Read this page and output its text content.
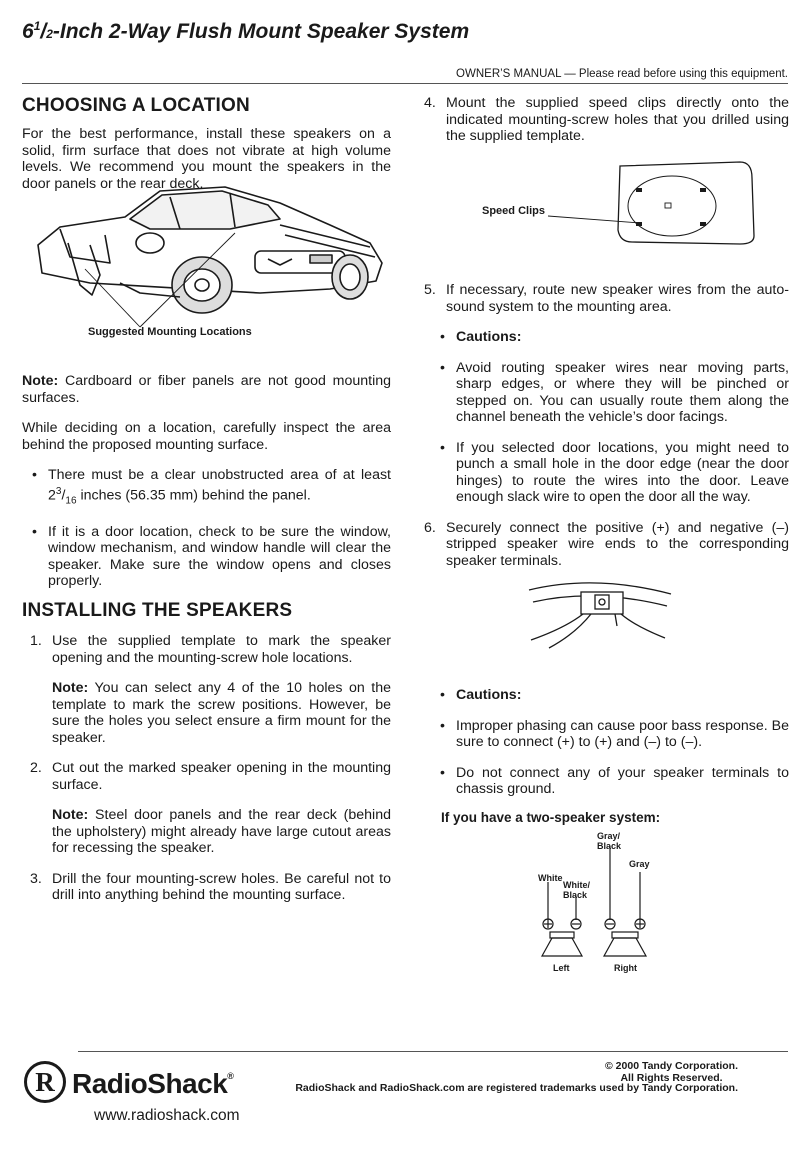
$6^1/2$-Inch 2-Way Flush Mount Speaker System
OWNER’S MANUAL — Please read before using this equipment.
CHOOSING A LOCATION

For the best performance, install these speakers on a solid, firm surface that does not vibrate at high volume levels. We recommend you mount the speakers in the door panels or the rear deck.

Suggested Mounting Locations

Note: Cardboard or fiber panels are not good mounting surfaces.

While deciding on a location, carefully inspect the area behind the proposed mounting surface.

• There must be a clear unobstructed area of at least $2^3/_{16}$ inches (56.35 mm) behind the panel.
• If it is a door location, check to be sure the window, window mechanism, and window handle will clear the speaker. Make sure the window opens and closes properly.
INSTALLING THE SPEAKERS
1. Use the supplied template to mark the speaker opening and the mounting-screw hole locations.

Note: You can select any 4 of the 10 holes on the template to mark the screw positions. However, be sure the holes you select ensure a firm mount for the speaker.

2. Cut out the marked speaker opening in the mounting surface.

Note: Steel door panels and the rear deck (behind the upholstery) might already have large cutout areas for recessing the speaker.

3. Drill the four mounting-screw holes. Be careful not to drill into anything behind the mounting surface.
4. Mount the supplied speed clips directly onto the indicated mounting-screw holes that you drilled using the supplied template.
Speed Clips
5. If necessary, route new speaker wires from the auto-sound system to the mounting area.
• Cautions:
• Avoid routing speaker wires near moving parts, sharp edges, or where they will be pinched or stepped on. You can usually route them along the channel beneath the vehicle’s door facings.
• If you selected door locations, you might need to punch a small hole in the door edge (near the door hinges) to route the wires into the door. Leave enough slack wire to open the door all the way.
6. Securely connect the positive (+) and negative (–) stripped speaker wire ends to the corresponding speaker terminals.
• Cautions:
• Improper phasing can cause poor bass response. Be sure to connect (+) to (+) and (–) to (–).
• Do not connect any of your speaker terminals to chassis ground.
If you have a two-speaker system:
Gray/
Black
Gray
White
White/
Black
Left	Right
© 2000 Tandy Corporation.
All Rights Reserved.
RadioShack and RadioShack.com are registered trademarks used by Tandy Corporation.
R RadioShack®
www.radioshack.com
